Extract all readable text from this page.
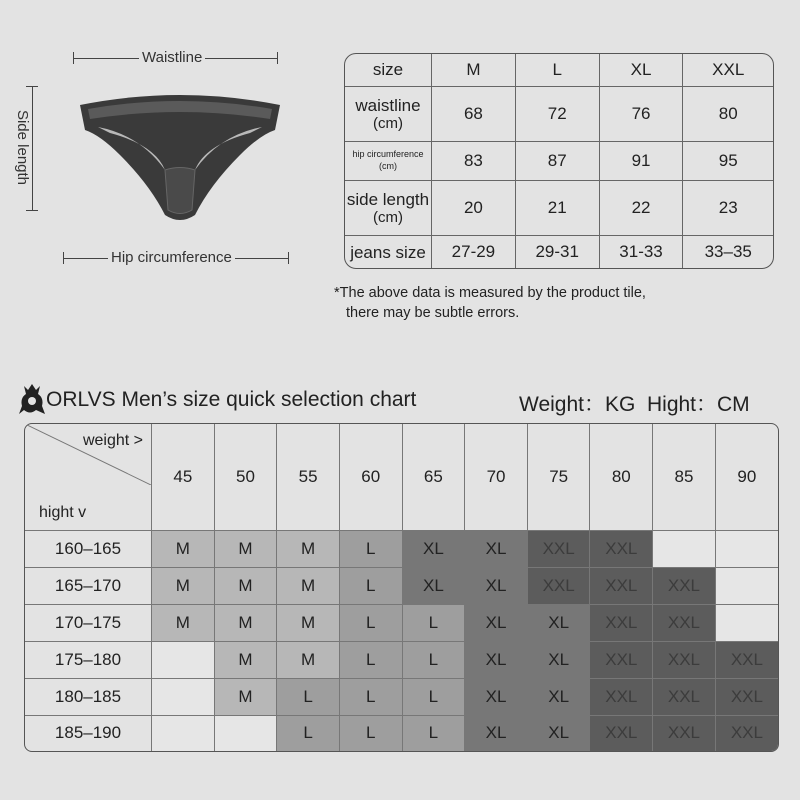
Waistline
Side length
Hip circumference
size	M	L	XL	XXL
waistline
(cm)	68	72	76	80
hip circumference
(cm)	83	87	91	95
side length
(cm)	20	21	22	23
jeans size	27-29	29-31	31-33	33–35
*The above data is measured by the product tile,
there may be subtle errors.
ORLVS Men’s size quick selection chart	Weight：KG  Hight：CM
weight >
hight v	45	50	55	60	65	70	75	80	85	90
160–165	M	M	M	L	XL	XL	XXL	XXL		
165–170	M	M	M	L	XL	XL	XXL	XXL	XXL	
170–175	M	M	M	L	L	XL	XL	XXL	XXL	
175–180		M	M	L	L	XL	XL	XXL	XXL	XXL
180–185		M	L	L	L	XL	XL	XXL	XXL	XXL
185–190			L	L	L	XL	XL	XXL	XXL	XXL
